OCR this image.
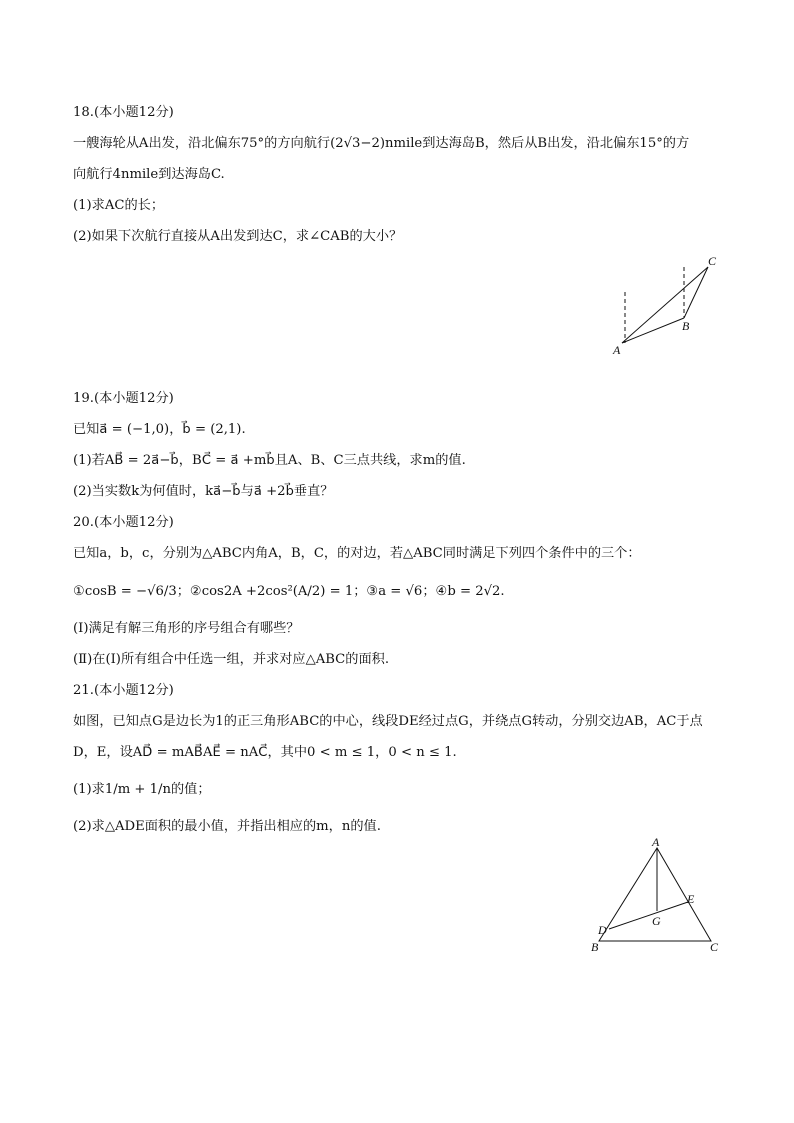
18.(本小题12分)
一艘海轮从A出发，沿北偏东75°的方向航行(2√3−2)nmile到达海岛B，然后从B出发，沿北偏东15°的方
向航行4nmile到达海岛C.
(1)求AC的长；
(2)如果下次航行直接从A出发到达C，求∠CAB的大小？
A
B
C
19.(本小题12分)
已知a⃗ = (−1,0)，b⃗ = (2,1).
(1)若AB⃗ = 2a⃗−b⃗，BC⃗ = a⃗ +mb⃗且A、B、C三点共线，求m的值.
(2)当实数k为何值时，ka⃗−b⃗与a⃗ +2b⃗垂直？
20.(本小题12分)
已知a，b，c，分别为△ABC内角A，B，C，的对边，若△ABC同时满足下列四个条件中的三个：
①cosB = −√6/3；②cos2A +2cos²(A/2) = 1；③a = √6；④b = 2√2.
(Ⅰ)满足有解三角形的序号组合有哪些？
(Ⅱ)在(Ⅰ)所有组合中任选一组，并求对应△ABC的面积.
21.(本小题12分)
如图，已知点G是边长为1的正三角形ABC的中心，线段DE经过点G，并绕点G转动，分别交边AB，AC于点
D，E，设AD⃗ = mAB⃗AE⃗ = nAC⃗，其中0 < m ≤ 1，0 < n ≤ 1.
(1)求1/m + 1/n的值；
(2)求△ADE面积的最小值，并指出相应的m，n的值.
A
B	C
D
E
G
